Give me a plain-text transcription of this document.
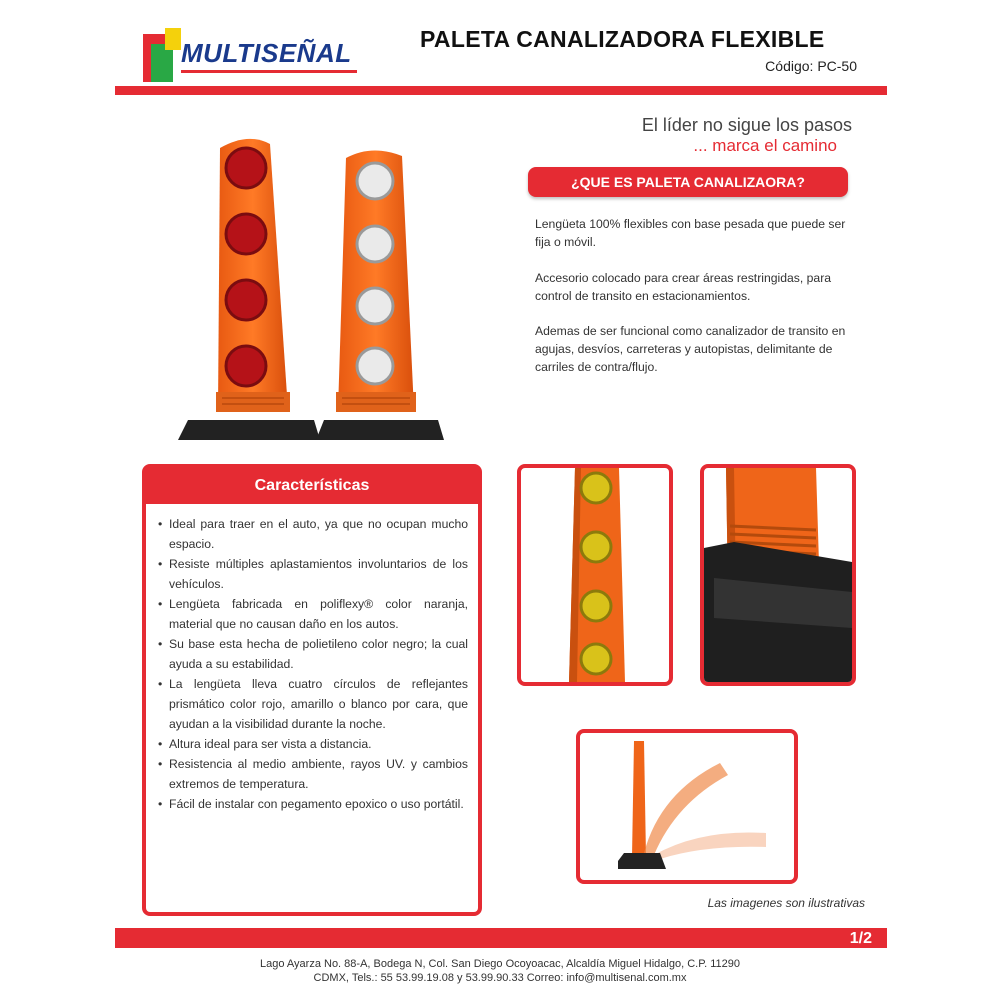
MULTISEÑAL	PALETA CANALIZADORA FLEXIBLE
Código: PC-50
El líder no sigue los pasos
... marca el camino
¿QUE ES PALETA CANALIZAORA?
Lengüeta 100% flexibles con base pesada que puede ser fija o móvil.
Accesorio colocado para crear áreas restringidas, para control de transito en estacionamientos.
Ademas de ser funcional como canalizador de transito en agujas, desvíos, carreteras y autopistas, delimitante de carriles de contra/flujo.
Características
• Ideal para traer en el auto, ya que no ocupan mucho espacio.
• Resiste múltiples aplastamientos involuntarios de los vehículos.
• Lengüeta fabricada en poliflexy® color naranja, material que no causan daño en los autos.
• Su base esta hecha de polietileno color negro; la cual ayuda a su estabilidad.
• La lengüeta lleva cuatro círculos de reflejantes prismático color rojo, amarillo o blanco por cara, que ayudan a la visibilidad durante la noche.
• Altura ideal para ser vista a distancia.
• Resistencia al medio ambiente, rayos UV. y cambios extremos de temperatura.
• Fácil de instalar con pegamento epoxico o uso portátil.
Las imagenes son ilustrativas
1/2
Lago Ayarza No. 88-A, Bodega N, Col. San Diego Ocoyoacac, Alcaldía Miguel Hidalgo, C.P. 11290
CDMX, Tels.: 55 53.99.19.08 y 53.99.90.33 Correo: info@multisenal.com.mx
